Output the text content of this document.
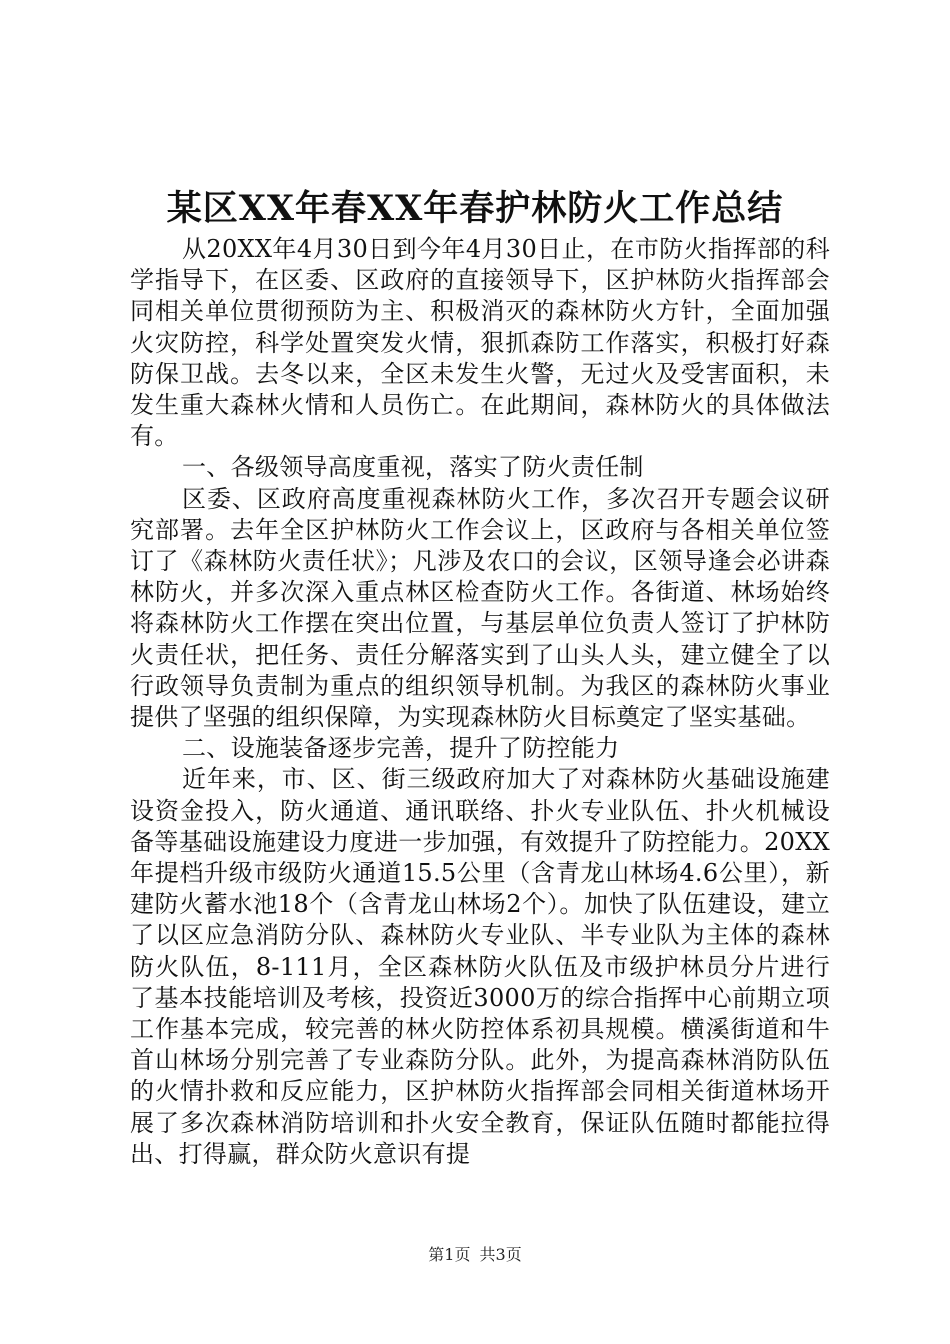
某区XX年春XX年春护林防火工作总结

从20XX年4月30日到今年4月30日止，在市防火指挥部的科学指导下，在区委、区政府的直接领导下，区护林防火指挥部会同相关单位贯彻预防为主、积极消灭的森林防火方针，全面加强火灾防控，科学处置突发火情，狠抓森防工作落实，积极打好森防保卫战。去冬以来，全区未发生火警，无过火及受害面积，未发生重大森林火情和人员伤亡。在此期间，森林防火的具体做法有。

一、各级领导高度重视，落实了防火责任制

区委、区政府高度重视森林防火工作，多次召开专题会议研究部署。去年全区护林防火工作会议上，区政府与各相关单位签订了《森林防火责任状》；凡涉及农口的会议，区领导逢会必讲森林防火，并多次深入重点林区检查防火工作。各街道、林场始终将森林防火工作摆在突出位置，与基层单位负责人签订了护林防火责任状，把任务、责任分解落实到了山头人头，建立健全了以行政领导负责制为重点的组织领导机制。为我区的森林防火事业提供了坚强的组织保障，为实现森林防火目标奠定了坚实基础。

二、设施装备逐步完善，提升了防控能力

近年来，市、区、街三级政府加大了对森林防火基础设施建设资金投入，防火通道、通讯联络、扑火专业队伍、扑火机械设备等基础设施建设力度进一步加强，有效提升了防控能力。20XX年提档升级市级防火通道15.5公里（含青龙山林场4.6公里），新建防火蓄水池18个（含青龙山林场2个）。加快了队伍建设，建立了以区应急消防分队、森林防火专业队、半专业队为主体的森林防火队伍，8-111月，全区森林防火队伍及市级护林员分片进行了基本技能培训及考核，投资近3000万的综合指挥中心前期立项工作基本完成，较完善的林火防控体系初具规模。横溪街道和牛首山林场分别完善了专业森防分队。此外，为提高森林消防队伍的火情扑救和反应能力，区护林防火指挥部会同相关街道林场开展了多次森林消防培训和扑火安全教育，保证队伍随时都能拉得出、打得赢，群众防火意识有提

第1页 共3页
